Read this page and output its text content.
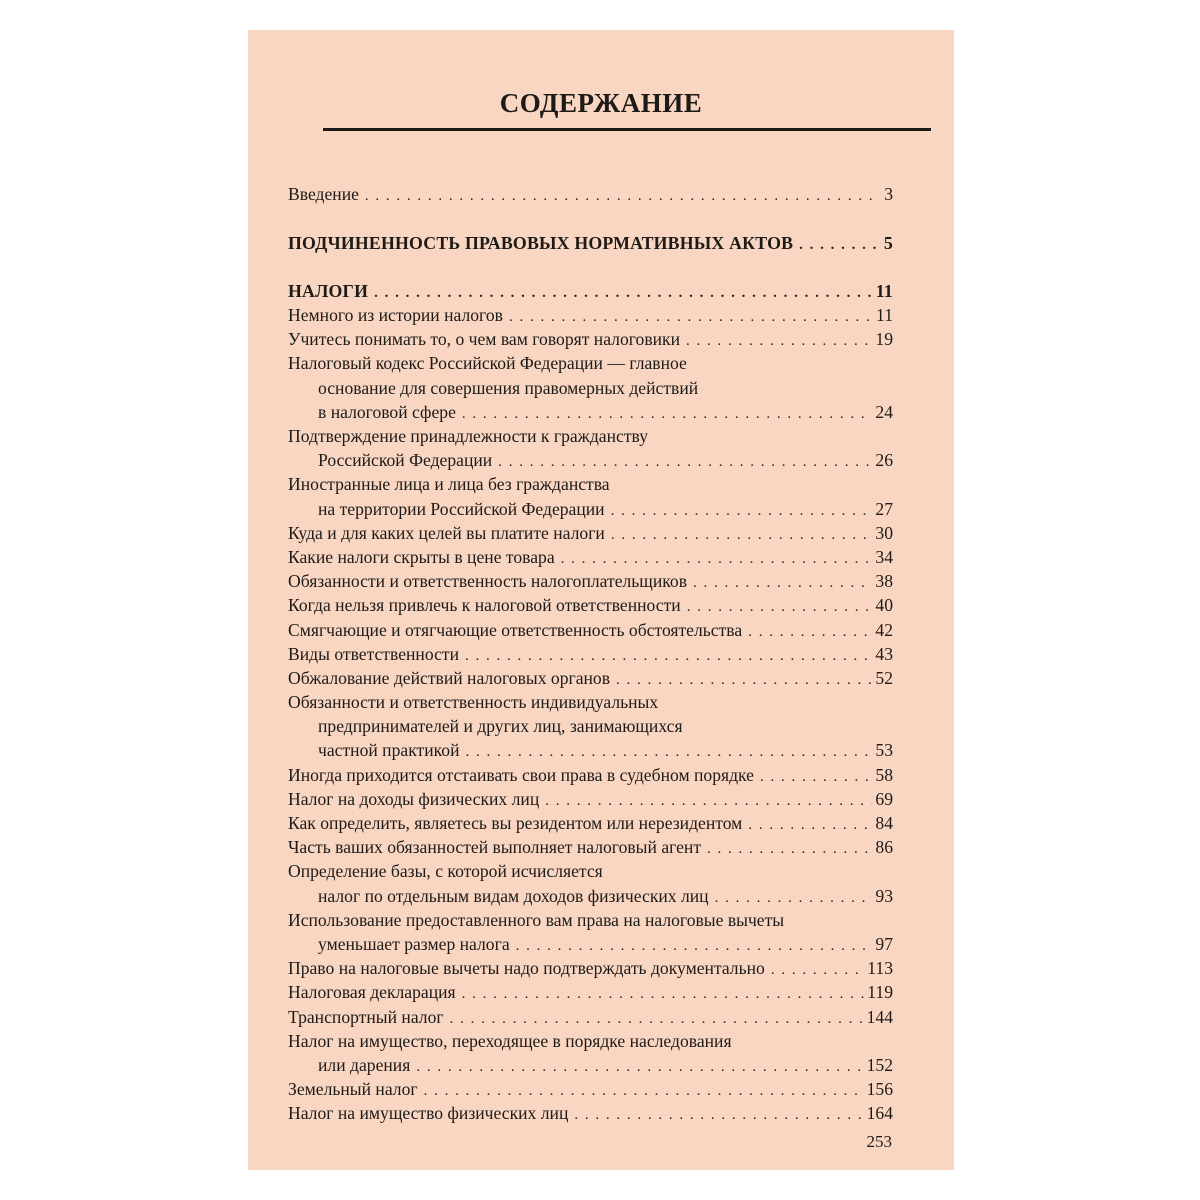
СОДЕРЖАНИЕ
Введение . . .	3
ПОДЧИНЕННОСТЬ ПРАВОВЫХ НОРМАТИВНЫХ АКТОВ . . .	5
НАЛОГИ . . .	11
Немного из истории налогов . . .	11
Учитесь понимать то, о чем вам говорят налоговики . . .	19
Налоговый кодекс Российской Федерации — главное
основание для совершения правомерных действий
в налоговой сфере . . .	24
Подтверждение принадлежности к гражданству
Российской Федерации . . .	26
Иностранные лица и лица без гражданства
на территории Российской Федерации . . .	27
Куда и для каких целей вы платите налоги . . .	30
Какие налоги скрыты в цене товара . . .	34
Обязанности и ответственность налогоплательщиков . . .	38
Когда нельзя привлечь к налоговой ответственности . . .	40
Смягчающие и отягчающие ответственность обстоятельства . . .	42
Виды ответственности . . .	43
Обжалование действий налоговых органов . . .	52
Обязанности и ответственность индивидуальных
предпринимателей и других лиц, занимающихся
частной практикой . . .	53
Иногда приходится отстаивать свои права в судебном порядке . . .	58
Налог на доходы физических лиц . . .	69
Как определить, являетесь вы резидентом или нерезидентом . . .	84
Часть ваших обязанностей выполняет налоговый агент . . .	86
Определение базы, с которой исчисляется
налог по отдельным видам доходов физических лиц . . .	93
Использование предоставленного вам права на налоговые вычеты
уменьшает размер налога . . .	97
Право на налоговые вычеты надо подтверждать документально . . .	113
Налоговая декларация . . .	119
Транспортный налог . . .	144
Налог на имущество, переходящее в порядке наследования
или дарения . . .	152
Земельный налог . . .	156
Налог на имущество физических лиц . . .	164
253
